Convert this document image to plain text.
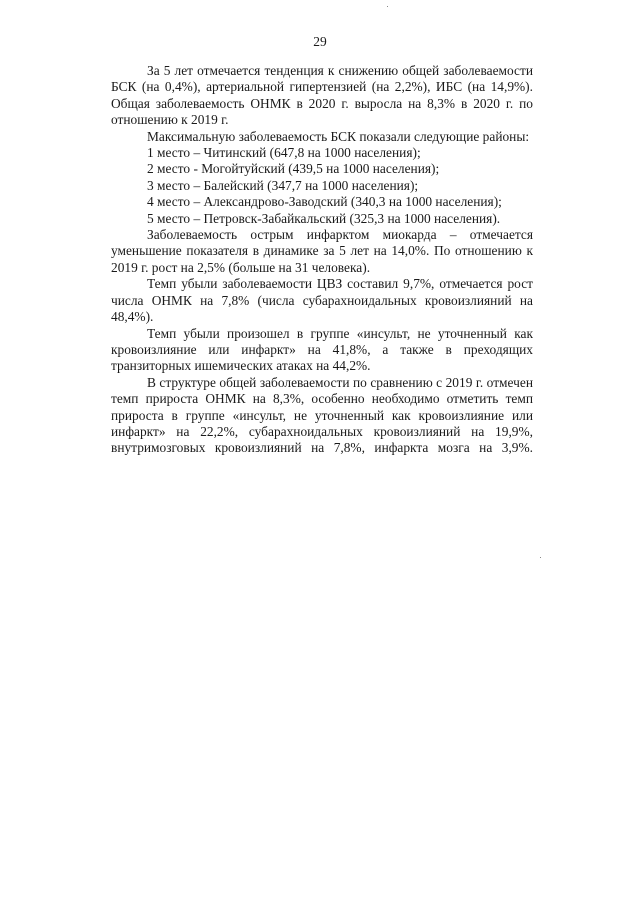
29

За 5 лет отмечается тенденция к снижению общей заболеваемости БСК (на 0,4%), артериальной гипертензией (на 2,2%), ИБС (на 14,9%). Общая заболеваемость ОНМК в 2020 г. выросла на 8,3% в 2020 г. по отношению к 2019 г.

Максимальную заболеваемость БСК показали следующие районы:

1 место – Читинский (647,8 на 1000 населения);
2 место - Могойтуйский (439,5 на 1000 населения);
3 место – Балейский (347,7 на 1000 населения);
4 место – Александрово-Заводский (340,3 на 1000 населения);
5 место – Петровск-Забайкальский (325,3 на 1000 населения).

Заболеваемость острым инфарктом миокарда – отмечается уменьшение показателя в динамике за 5 лет на 14,0%. По отношению к 2019 г. рост на 2,5% (больше на 31 человека).

Темп убыли заболеваемости ЦВЗ составил 9,7%, отмечается рост числа ОНМК на 7,8% (числа субарахноидальных кровоизлияний на 48,4%).

Темп убыли произошел в группе «инсульт, не уточненный как кровоизлияние или инфаркт» на 41,8%, а также в преходящих транзиторных ишемических атаках на 44,2%.

В структуре общей заболеваемости по сравнению с 2019 г. отмечен темп прироста ОНМК на 8,3%, особенно необходимо отметить темп прироста в группе «инсульт, не уточненный как кровоизлияние или инфаркт» на 22,2%, субарахноидальных кровоизлияний на 19,9%, внутримозговых кровоизлияний на 7,8%, инфаркта мозга на 3,9%.
